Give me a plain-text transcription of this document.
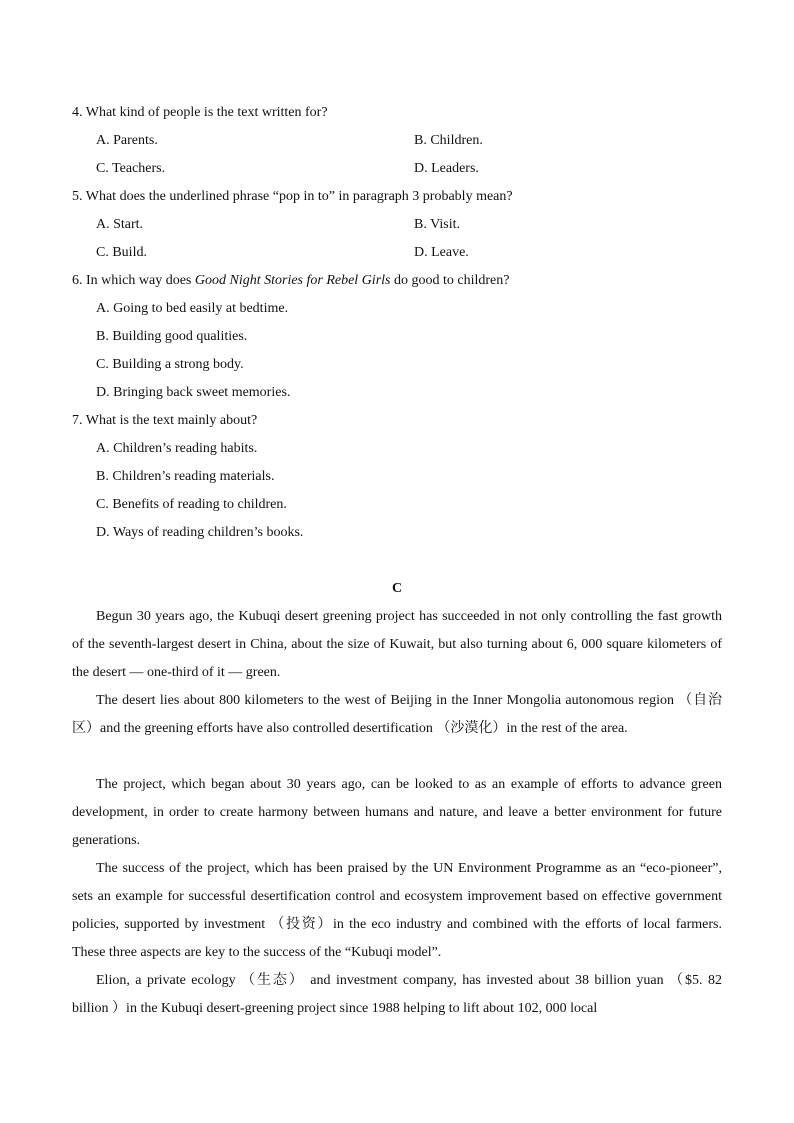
4. What kind of people is the text written for?
A. Parents.	B. Children.
C. Teachers.	D. Leaders.
5. What does the underlined phrase “pop in to” in paragraph 3 probably mean?
A. Start.	B. Visit.
C. Build.	D. Leave.
6. In which way does Good Night Stories for Rebel Girls do good to children?
A. Going to bed easily at bedtime.
B. Building good qualities.
C. Building a strong body.
D. Bringing back sweet memories.
7. What is the text mainly about?
A. Children’s reading habits.
B. Children’s reading materials.
C. Benefits of reading to children.
D. Ways of reading children’s books.
C

Begun 30 years ago, the Kubuqi desert greening project has succeeded in not only controlling the fast growth of the seventh-largest desert in China, about the size of Kuwait, but also turning about 6, 000 square kilometers of the desert — one-third of it — green.

The desert lies about 800 kilometers to the west of Beijing in the Inner Mongolia autonomous region （自治区）and the greening efforts have also controlled desertification （沙漠化）in the rest of the area.

The project, which began about 30 years ago, can be looked to as an example of efforts to advance green development, in order to create harmony between humans and nature, and leave a better environment for future generations.

The success of the project, which has been praised by the UN Environment Programme as an “eco-pioneer”, sets an example for successful desertification control and ecosystem improvement based on effective government policies, supported by investment （投资）in the eco industry and combined with the efforts of local farmers. These three aspects are key to the success of the “Kubuqi model”.

Elion, a private ecology （生态） and investment company, has invested about 38 billion yuan （$5. 82 billion ）in the Kubuqi desert-greening project since 1988 helping to lift about 102, 000 local
